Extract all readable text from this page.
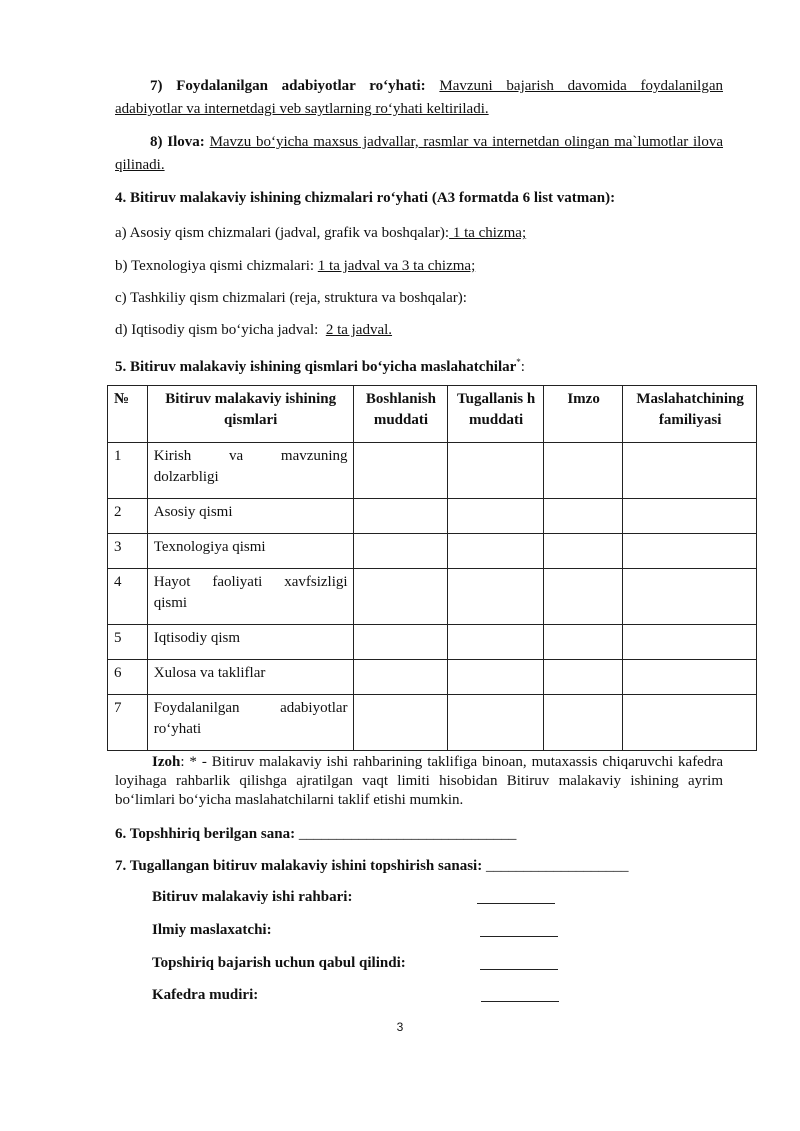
7) Foydalanilgan adabiyotlar ro‘yhati: Mavzuni bajarish davomida foydalanilgan adabiyotlar va internetdagi veb saytlarning ro‘yhati keltiriladi.
8) Ilova: Mavzu bo‘yicha maxsus jadvallar, rasmlar va internetdan olingan ma`lumotlar ilova qilinadi.
4. Bitiruv malakaviy ishining chizmalari ro‘yhati (A3 formatda 6 list vatman):
a) Asosiy qism chizmalari (jadval, grafik va boshqalar): 1 ta chizma;
b) Texnologiya qismi chizmalari: 1 ta jadval va 3 ta chizma;
c) Tashkiliy qism chizmalari (reja, struktura va boshqalar):
d) Iqtisodiy qism bo‘yicha jadval:  2 ta jadval.
5. Bitiruv malakaviy ishining qismlari bo‘yicha maslahatchilar*:
№	Bitiruv malakaviy ishining qismlari	Boshlanish muddati	Tugallanis h muddati	Imzo	Maslahatchining familiyasi
1	Kirish va mavzuning dolzarbligi				
2	Asosiy qismi				
3	Texnologiya qismi				
4	Hayot faoliyati xavfsizligi qismi				
5	Iqtisodiy qism				
6	Xulosa va takliflar				
7	Foydalanilgan adabiyotlar ro‘yhati				
Izoh: * - Bitiruv malakaviy ishi rahbarining taklifiga binoan, mutaxassis chiqaruvchi kafedra loyihaga rahbarlik qilishga ajratilgan vaqt limiti hisobidan Bitiruv malakaviy ishining ayrim bo‘limlari bo‘yicha maslahatchilarni taklif etishi mumkin.
6. Topshhiriq berilgan sana: _____________________________
7. Tugallangan bitiruv malakaviy ishini topshirish sanasi: ___________________
Bitiruv malakaviy ishi rahbari:
Ilmiy maslaxatchi:
Topshiriq bajarish uchun qabul qilindi:
Kafedra mudiri:
3
